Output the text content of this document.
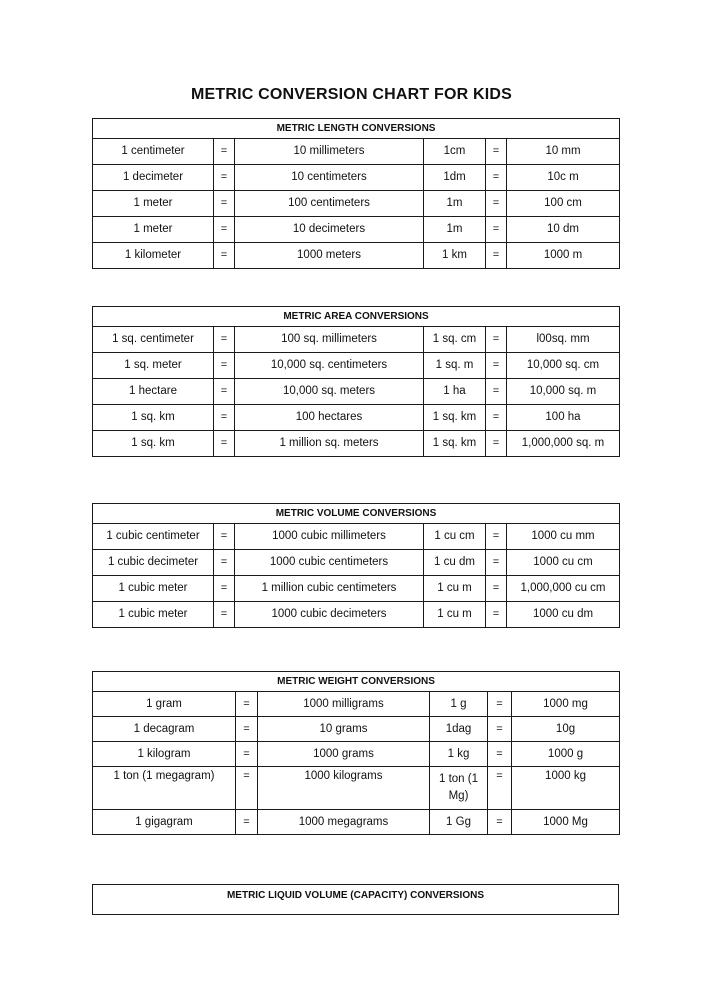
METRIC CONVERSION CHART FOR KIDS
METRIC LENGTH CONVERSIONS					
1 centimeter	=	10 millimeters	1cm	=	10 mm
1 decimeter	=	10 centimeters	1dm	=	10c m
1 meter	=	100 centimeters	1m	=	100 cm
1 meter	=	10 decimeters	1m	=	10 dm
1 kilometer	=	1000 meters	1 km	=	1000 m
METRIC AREA CONVERSIONS					
1 sq. centimeter	=	100 sq. millimeters	1 sq. cm	=	l00sq. mm
1 sq. meter	=	10,000 sq. centimeters	1 sq. m	=	10,000 sq. cm
1 hectare	=	10,000 sq. meters	1 ha	=	10,000 sq. m
1 sq. km	=	100 hectares	1 sq. km	=	100 ha
1 sq. km	=	1 million sq. meters	1 sq. km	=	1,000,000 sq. m
METRIC VOLUME CONVERSIONS					
1 cubic centimeter	=	1000 cubic millimeters	1 cu cm	=	1000 cu mm
1 cubic decimeter	=	1000 cubic centimeters	1 cu dm	=	1000 cu cm
1 cubic meter	=	1 million cubic centimeters	1 cu m	=	1,000,000 cu cm
1 cubic meter	=	1000 cubic decimeters	1 cu m	=	1000 cu dm
METRIC WEIGHT CONVERSIONS					
1 gram	=	1000 milligrams	1 g	=	1000 mg
1 decagram	=	10 grams	1dag	=	10g
1 kilogram	=	1000 grams	1 kg	=	1000 g
1 ton (1 megagram)	=	1000 kilograms	1 ton (1 Mg)	=	1000 kg
1 gigagram	=	1000 megagrams	1 Gg	=	1000 Mg
METRIC LIQUID VOLUME (CAPACITY) CONVERSIONS
